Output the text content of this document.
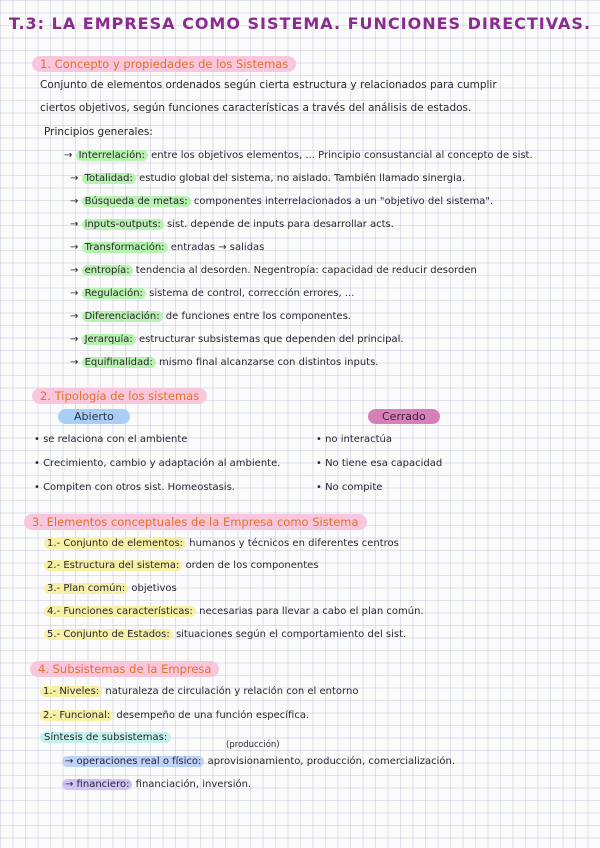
T.3: LA EMPRESA COMO SISTEMA. FUNCIONES DIRECTIVAS.
1. Concepto y propiedades de los Sistemas
Conjunto de elementos ordenados según cierta estructura y relacionados para cumplir
ciertos objetivos, según funciones características a través del análisis de estados.
Principios generales:
→ Interrelación: entre los objetivos elementos, ... Principio consustancial al concepto de sist.
→ Totalidad: estudio global del sistema, no aislado. También llamado sinergia.
→ Búsqueda de metas: componentes interrelacionados a un "objetivo del sistema".
→ inputs-outputs: sist. depende de inputs para desarrollar acts.
→ Transformación: entradas → salidas
→ entropía: tendencia al desorden. Negentropía: capacidad de reducir desorden
→ Regulación: sistema de control, corrección errores, ...
→ Diferenciación: de funciones entre los componentes.
→ Jerarquía: estructurar subsistemas que dependen del principal.
→ Equifinalidad: mismo final alcanzarse con distintos inputs.
2. Tipología de los sistemas
Abierto	Cerrado
• se relaciona con el ambiente
• Crecimiento, cambio y adaptación al ambiente.
• Compiten con otros sist. Homeostasis.
• no interactúa
• No tiene esa capacidad
• No compite
3. Elementos conceptuales de la Empresa como Sistema
1.- Conjunto de elementos: humanos y técnicos en diferentes centros
2.- Estructura del sistema: orden de los componentes
3.- Plan común: objetivos
4.- Funciones características: necesarias para llevar a cabo el plan común.
5.- Conjunto de Estados: situaciones según el comportamiento del sist.
4. Subsistemas de la Empresa
1.- Niveles: naturaleza de circulación y relación con el entorno
2.- Funcional: desempeño de una función específica.
Síntesis de subsistemas:
(producción)
→ operaciones real o físico: aprovisionamiento, producción, comercialización.
→ financiero: financiación, inversión.
